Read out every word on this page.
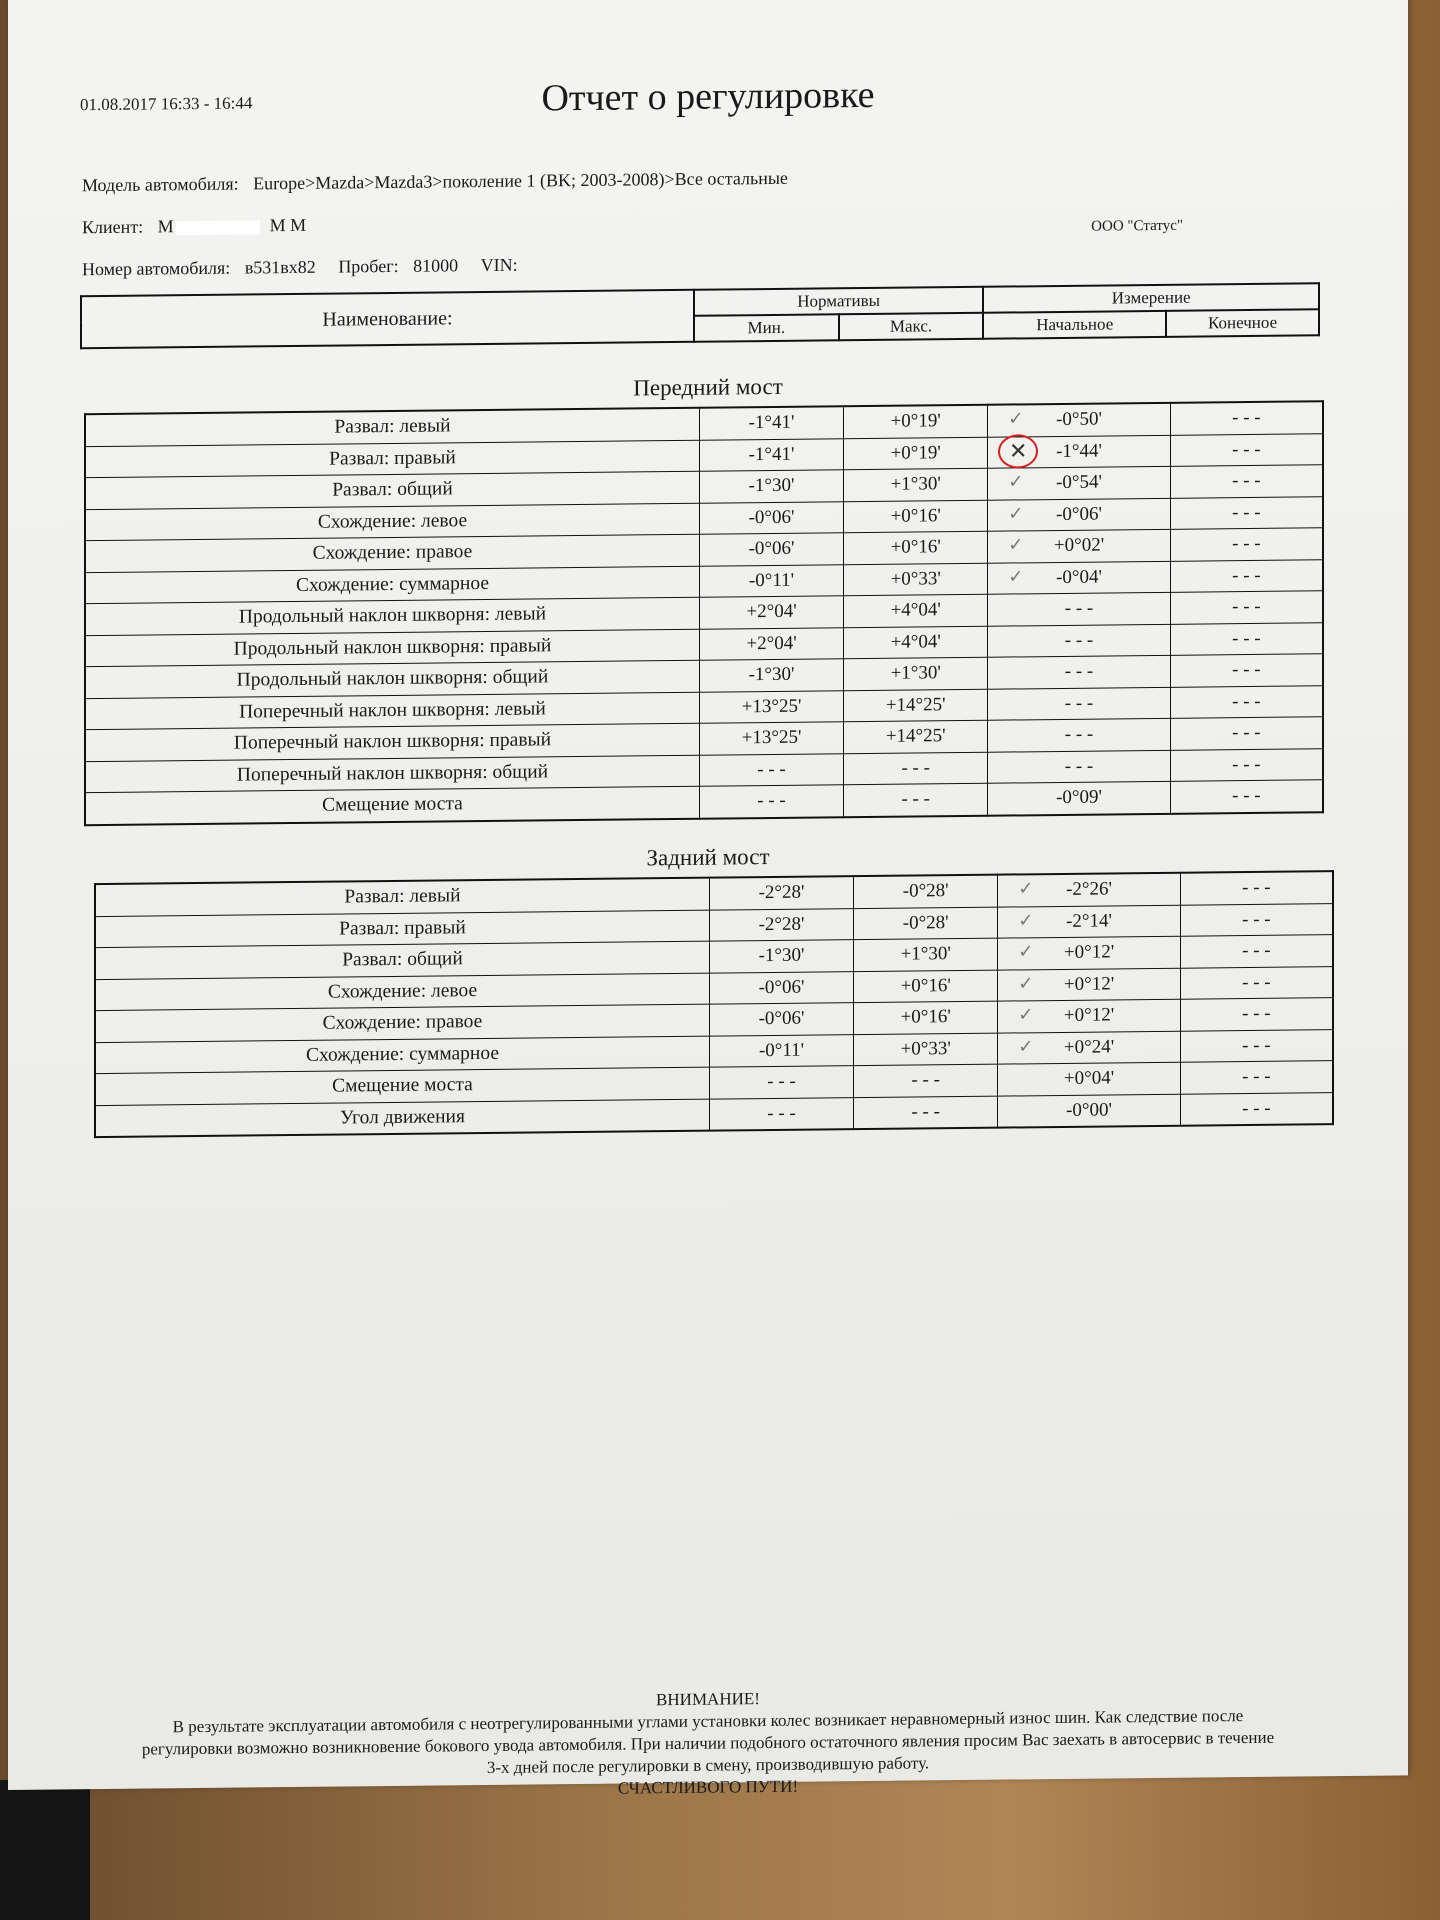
01.08.2017 16:33 - 16:44	Отчет о регулировке
Модель автомобиля: Europe>Mazda>Mazda3>поколение 1 (BK; 2003-2008)>Все остальные
Клиент: М	М М	ООО "Статус"
Номер автомобиля: в531вх82 Пробег: 81000 VIN:
Наименование:	Нормативы		Измерение	
	Мин.	Макс.	Начальное	Конечное
Передний мост
Развал: левый	-1°41'	+0°19'	✓ -0°50'	- - -
Развал: правый	-1°41'	+0°19'	✕ -1°44'	- - -
Развал: общий	-1°30'	+1°30'	✓ -0°54'	- - -
Схождение: левое	-0°06'	+0°16'	✓ -0°06'	- - -
Схождение: правое	-0°06'	+0°16'	✓ +0°02'	- - -
Схождение: суммарное	-0°11'	+0°33'	✓ -0°04'	- - -
Продольный наклон шкворня: левый	+2°04'	+4°04'	- - -	- - -
Продольный наклон шкворня: правый	+2°04'	+4°04'	- - -	- - -
Продольный наклон шкворня: общий	-1°30'	+1°30'	- - -	- - -
Поперечный наклон шкворня: левый	+13°25'	+14°25'	- - -	- - -
Поперечный наклон шкворня: правый	+13°25'	+14°25'	- - -	- - -
Поперечный наклон шкворня: общий	- - -	- - -	- - -	- - -
Смещение моста	- - -	- - -	-0°09'	- - -
Задний мост
Развал: левый	-2°28'	-0°28'	✓ -2°26'	- - -
Развал: правый	-2°28'	-0°28'	✓ -2°14'	- - -
Развал: общий	-1°30'	+1°30'	✓ +0°12'	- - -
Схождение: левое	-0°06'	+0°16'	✓ +0°12'	- - -
Схождение: правое	-0°06'	+0°16'	✓ +0°12'	- - -
Схождение: суммарное	-0°11'	+0°33'	✓ +0°24'	- - -
Смещение моста	- - -	- - -	+0°04'	- - -
Угол движения	- - -	- - -	-0°00'	- - -
ВНИМАНИЕ!
В результате эксплуатации автомобиля с неотрегулированными углами установки колес возникает неравномерный износ шин. Как следствие после
регулировки возможно возникновение бокового увода автомобиля. При наличии подобного остаточного явления просим Вас заехать в автосервис в течение
3-х дней после регулировки в смену, производившую работу.
СЧАСТЛИВОГО ПУТИ!
